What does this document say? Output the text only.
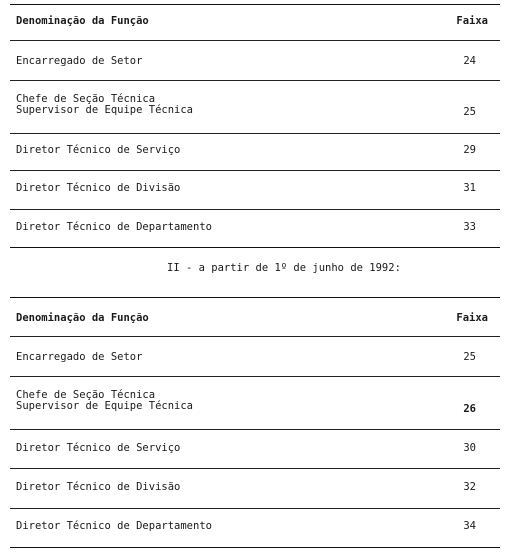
Denominação da Função	Faixa
Encarregado de Setor	24
Chefe de Seção Técnica
Supervisor de Equipe Técnica	25
Diretor Técnico de Serviço	29
Diretor Técnico de Divisão	31
Diretor Técnico de Departamento	33
II - a partir de 1º de junho de 1992:
Denominação da Função	Faixa
Encarregado de Setor	25
Chefe de Seção Técnica
Supervisor de Equipe Técnica	26
Diretor Técnico de Serviço	30
Diretor Técnico de Divisão	32
Diretor Técnico de Departamento	34
